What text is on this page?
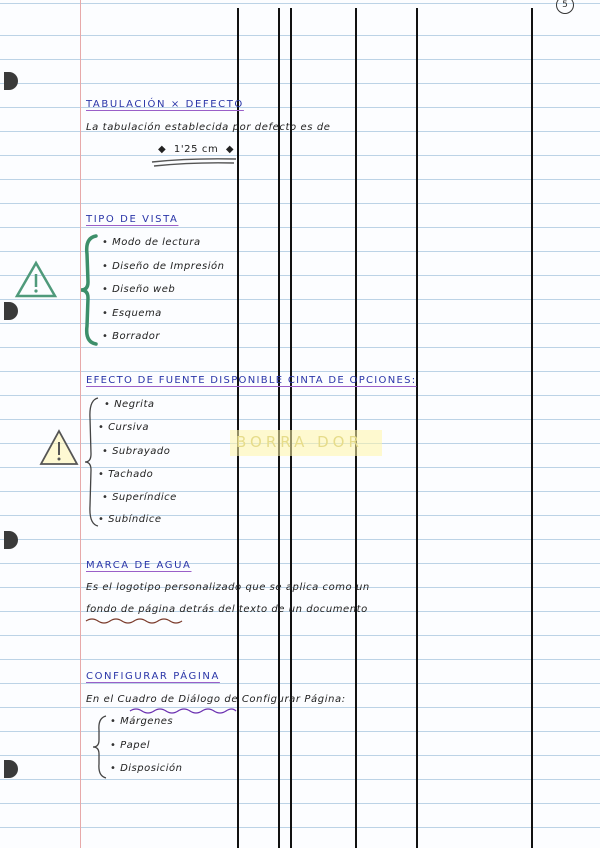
5
TABULACIÓN × DEFECTO
La tabulación establecida por defecto es de
◆  1'25 cm  ◆
TIPO DE VISTA
• Modo de lectura
• Diseño de Impresión
• Diseño web
• Esquema
• Borrador
EFECTO DE FUENTE DISPONIBLE CINTA DE OPCIONES:
BORRA DOR
• Negrita
• Cursiva
• Subrayado
• Tachado
• Superíndice
• Subíndice
MARCA DE AGUA
Es el logotipo personalizado que se aplica como un
fondo de página detrás del texto de un documento
CONFIGURAR PÁGINA
En el Cuadro de Diálogo de Configurar Página:
• Márgenes
• Papel
• Disposición
